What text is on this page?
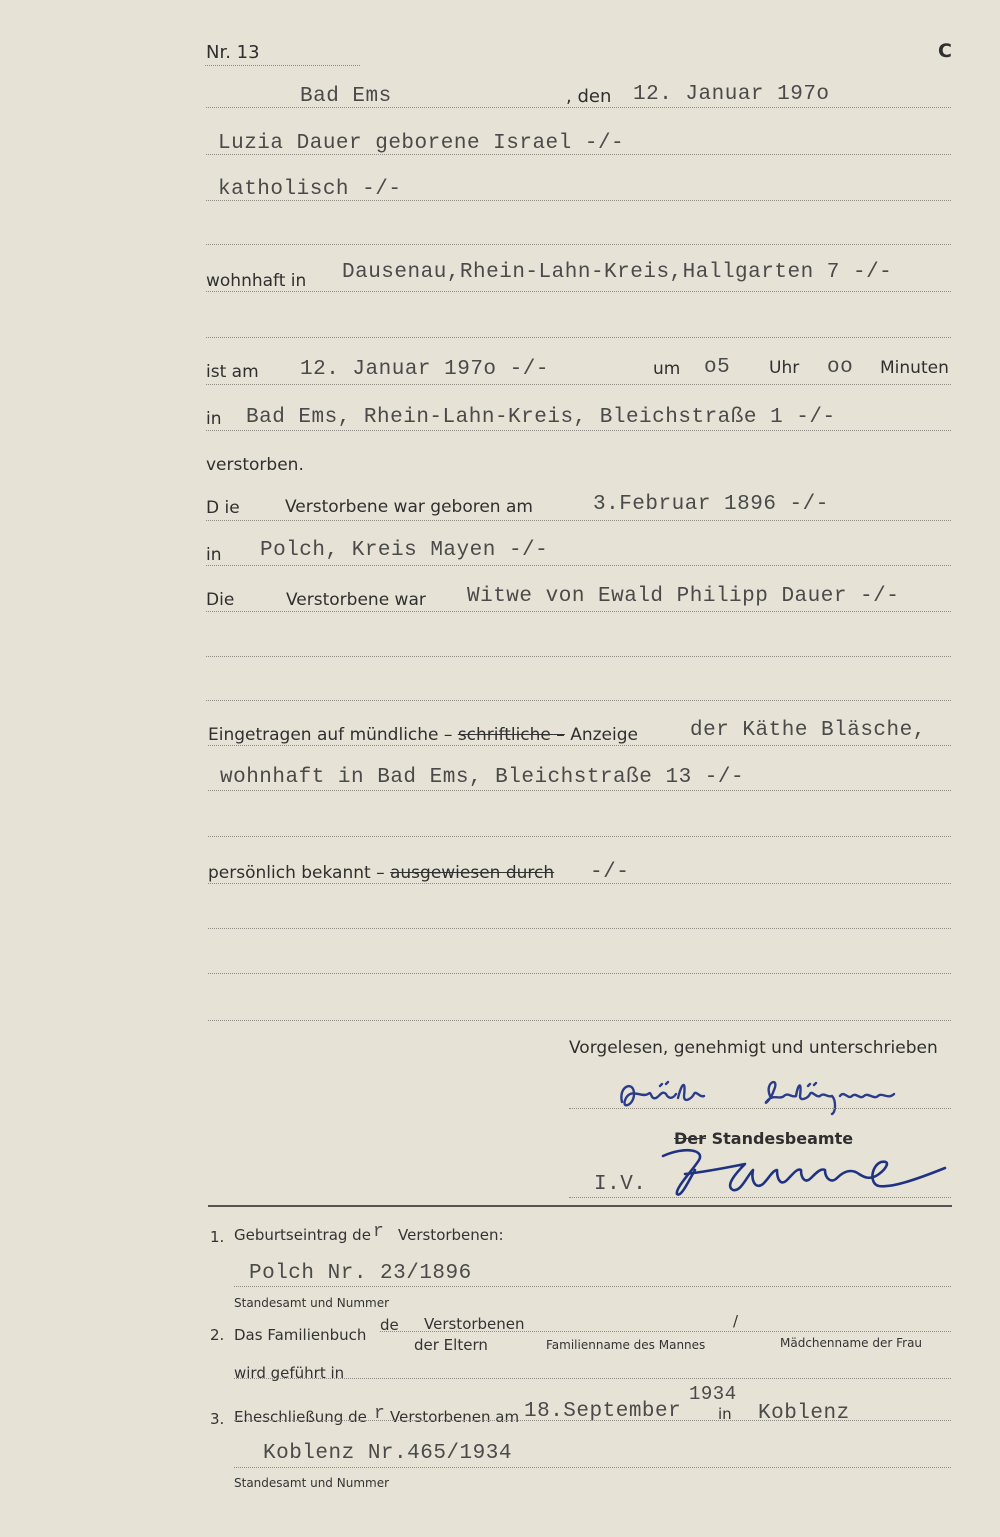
Nr. 13	C
Bad Ems	, den 12. Januar 197o
Luzia Dauer geborene Israel -/-
katholisch -/-
wohnhaft in Dausenau,Rhein-Lahn-Kreis,Hallgarten 7 -/-
ist am 12. Januar 197o -/-	um o5 Uhr oo Minuten
in Bad Ems, Rhein-Lahn-Kreis, Bleichstraße 1 -/-
verstorben.
D ie	Verstorbene war geboren am	3.Februar 1896 -/-
in Polch, Kreis Mayen -/-
Die	Verstorbene war Witwe von Ewald Philipp Dauer -/-
Eingetragen auf mündliche – schriftliche – Anzeige der Käthe Bläsche,
wohnhaft in Bad Ems, Bleichstraße 13 -/-
persönlich bekannt – ausgewiesen durch -/-
Vorgelesen, genehmigt und unterschrieben
Der Standesbeamte
I.V.
1. Geburtseintrag de r Verstorbenen:
Polch Nr. 23/1896
Standesamt und Nummer
2. Das Familienbuch
de Verstorbenen	/
der Eltern	Familienname des Mannes	Mädchenname der Frau
wird geführt in
3. Eheschließung de r Verstorbenen am 18.September
1934
in Koblenz
Koblenz Nr.465/1934
Standesamt und Nummer
